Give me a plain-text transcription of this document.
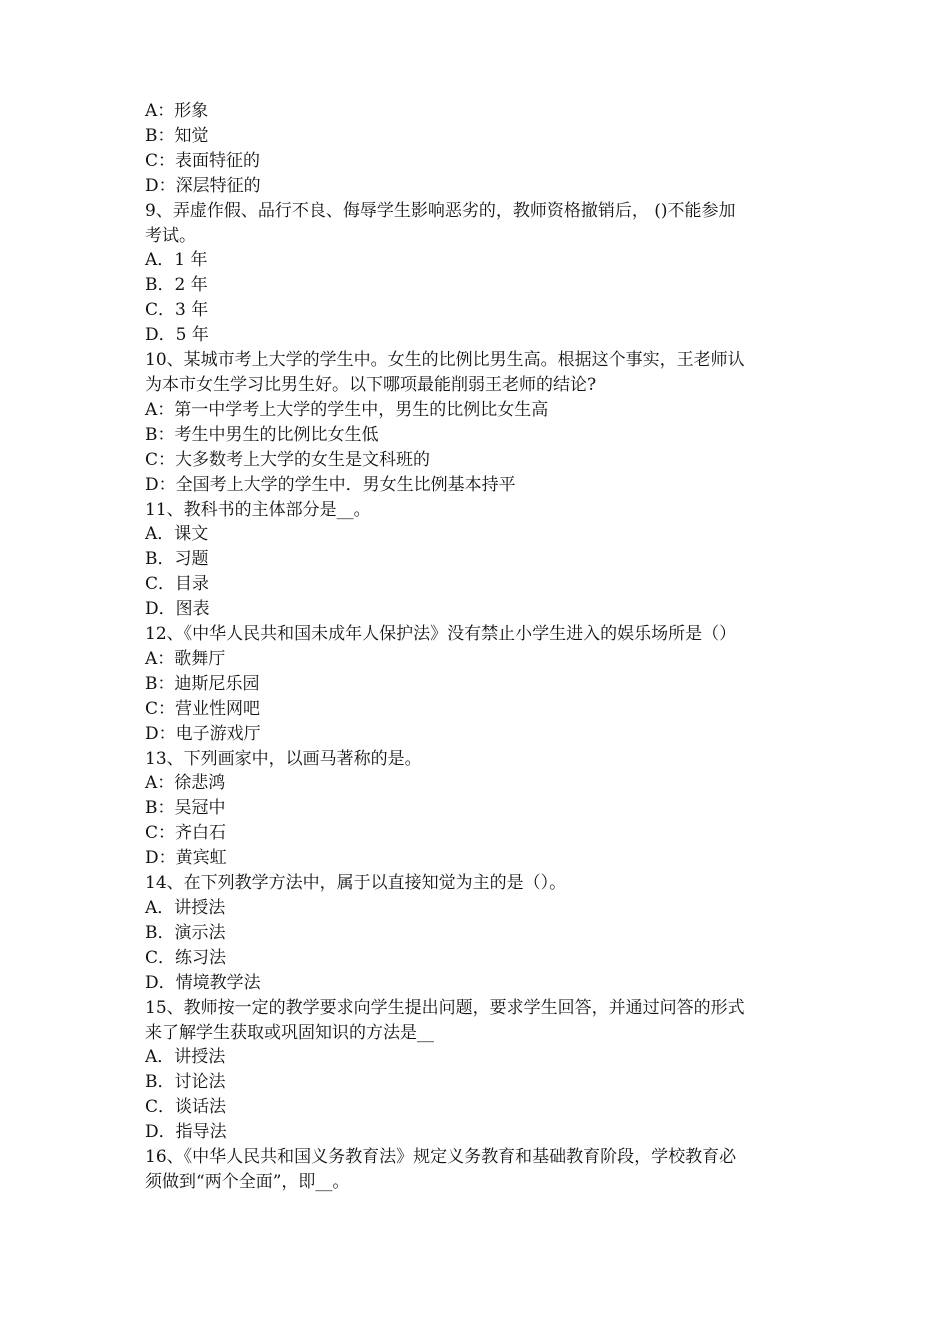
A：形象
B：知觉
C：表面特征的
D：深层特征的
9、弄虚作假、品行不良、侮辱学生影响恶劣的，教师资格撤销后， ()不能参加
考试。
A．1 年
B．2 年
C．3 年
D．5 年
10、某城市考上大学的学生中。女生的比例比男生高。根据这个事实，王老师认
为本市女生学习比男生好。以下哪项最能削弱王老师的结论?
A：第一中学考上大学的学生中，男生的比例比女生高
B：考生中男生的比例比女生低
C：大多数考上大学的女生是文科班的
D：全国考上大学的学生中．男女生比例基本持平
11、教科书的主体部分是__。
A．课文
B．习题
C．目录
D．图表
12、《中华人民共和国未成年人保护法》没有禁止小学生进入的娱乐场所是（）
A：歌舞厅
B：迪斯尼乐园
C：营业性网吧
D：电子游戏厅
13、下列画家中，以画马著称的是。
A：徐悲鸿
B：吴冠中
C：齐白石
D：黄宾虹
14、在下列教学方法中，属于以直接知觉为主的是（）。
A．讲授法
B．演示法
C．练习法
D．情境教学法
15、教师按一定的教学要求向学生提出问题，要求学生回答，并通过问答的形式
来了解学生获取或巩固知识的方法是__
A．讲授法
B．讨论法
C．谈话法
D．指导法
16、《中华人民共和国义务教育法》规定义务教育和基础教育阶段，学校教育必
须做到“两个全面”，即__。
